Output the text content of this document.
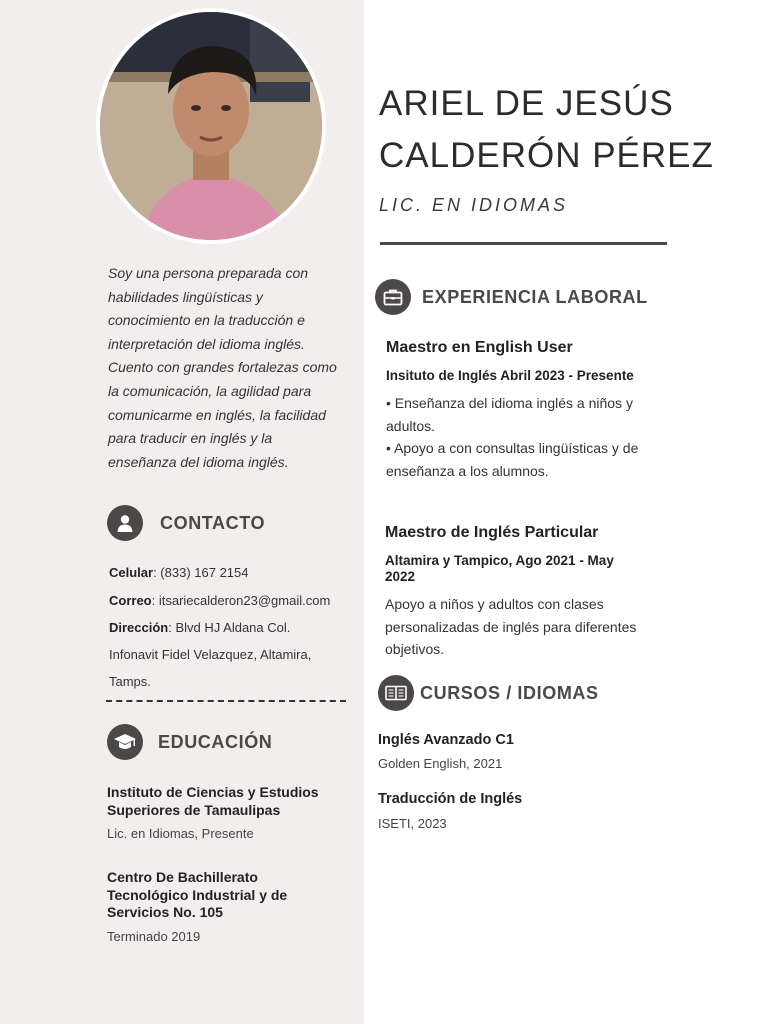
Soy una persona preparada con
habilidades lingüísticas y
conocimiento en la traducción e
interpretación del idioma inglés.
Cuento con grandes fortalezas como
la comunicación, la agilidad para
comunicarme en inglés, la facilidad
para traducir en inglés y la
enseñanza del idioma inglés.
CONTACTO
Celular: (833) 167 2154
Correo: itsariecalderon23@gmail.com
Dirección: Blvd HJ Aldana Col.
Infonavit Fidel Velazquez, Altamira,
Tamps.
EDUCACIÓN
Instituto de Ciencias y Estudios
Superiores de Tamaulipas
Lic. en Idiomas, Presente
Centro De Bachillerato
Tecnológico Industrial y de
Servicios No. 105
Terminado 2019
ARIEL DE JESÚS
CALDERÓN PÉREZ
LIC. EN IDIOMAS
EXPERIENCIA LABORAL
Maestro en English User
Insituto de Inglés Abril 2023 - Presente
• Enseñanza del idioma inglés a niños y
adultos.
• Apoyo a con consultas lingüísticas y de
enseñanza a los alumnos.
Maestro de Inglés Particular
Altamira y Tampico, Ago 2021 - May
2022
Apoyo a niños y adultos con clases
personalizadas de inglés para diferentes
objetivos.
CURSOS / IDIOMAS
Inglés Avanzado C1
Golden English, 2021
Traducción de Inglés
ISETI, 2023
